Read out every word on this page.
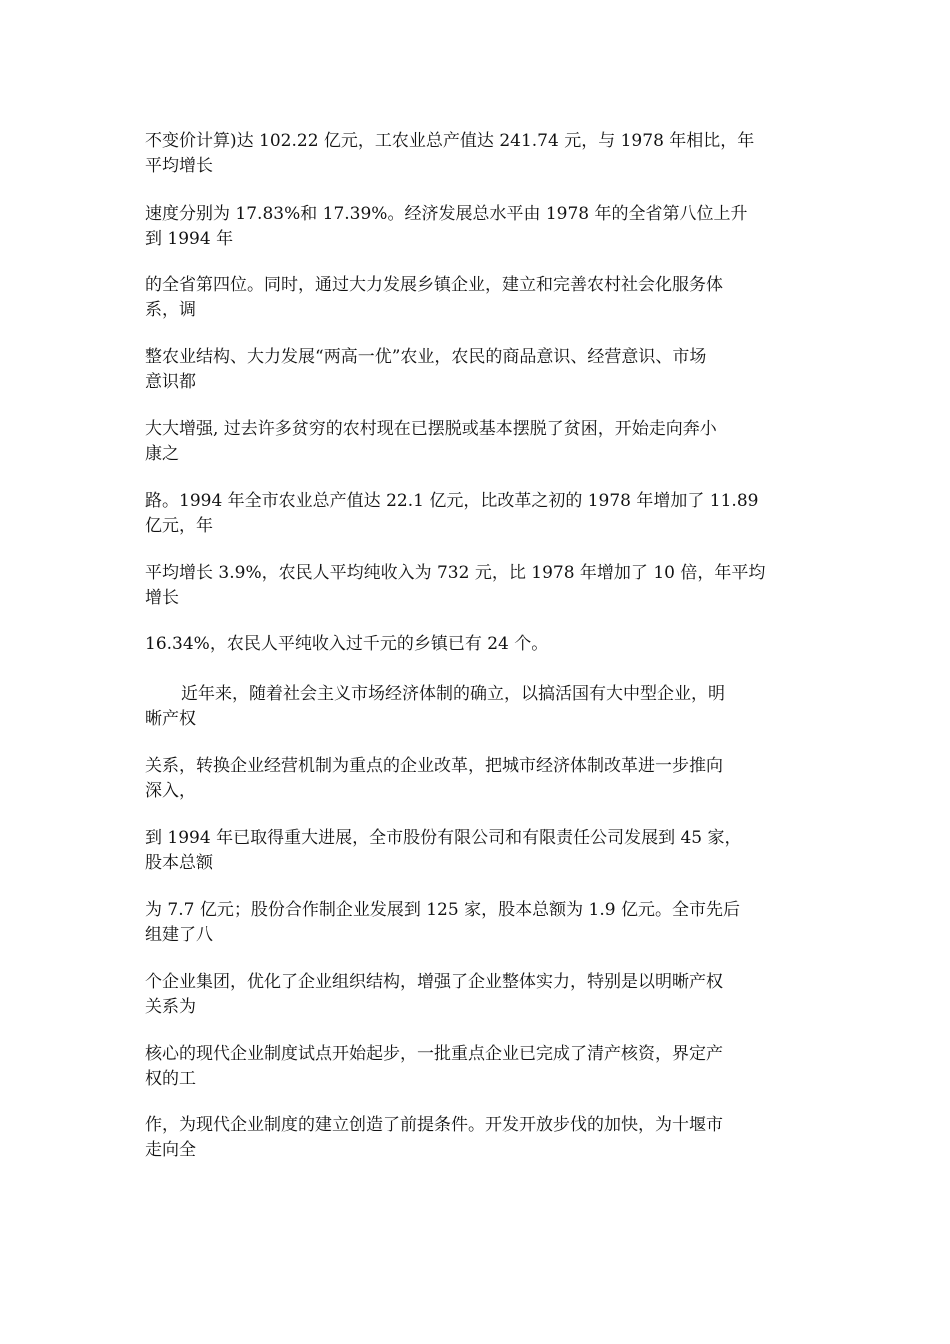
不变价计算)达 102.22 亿元，工农业总产值达 241.74 元，与 1978 年相比，年
平均增长
速度分别为 17.83%和 17.39%。经济发展总水平由 1978 年的全省第八位上升
到 1994 年
的全省第四位。同时，通过大力发展乡镇企业，建立和完善农村社会化服务体
系，调
整农业结构、大力发展“两高一优”农业，农民的商品意识、经营意识、市场
意识都
大大增强, 过去许多贫穷的农村现在已摆脱或基本摆脱了贫困，开始走向奔小
康之
路。1994 年全市农业总产值达 22.1 亿元，比改革之初的 1978 年增加了 11.89
亿元，年
平均增长 3.9%，农民人平均纯收入为 732 元，比 1978 年增加了 10 倍，年平均
增长
16.34%，农民人平纯收入过千元的乡镇已有 24 个。
近年来，随着社会主义市场经济体制的确立，以搞活国有大中型企业，明
晰产权
关系，转换企业经营机制为重点的企业改革，把城市经济体制改革进一步推向
深入，
到 1994 年已取得重大进展，全市股份有限公司和有限责任公司发展到 45 家，
股本总额
为 7.7 亿元；股份合作制企业发展到 125 家，股本总额为 1.9 亿元。全市先后
组建了八
个企业集团，优化了企业组织结构，增强了企业整体实力，特别是以明晰产权
关系为
核心的现代企业制度试点开始起步，一批重点企业已完成了清产核资，界定产
权的工
作，为现代企业制度的建立创造了前提条件。开发开放步伐的加快，为十堰市
走向全
